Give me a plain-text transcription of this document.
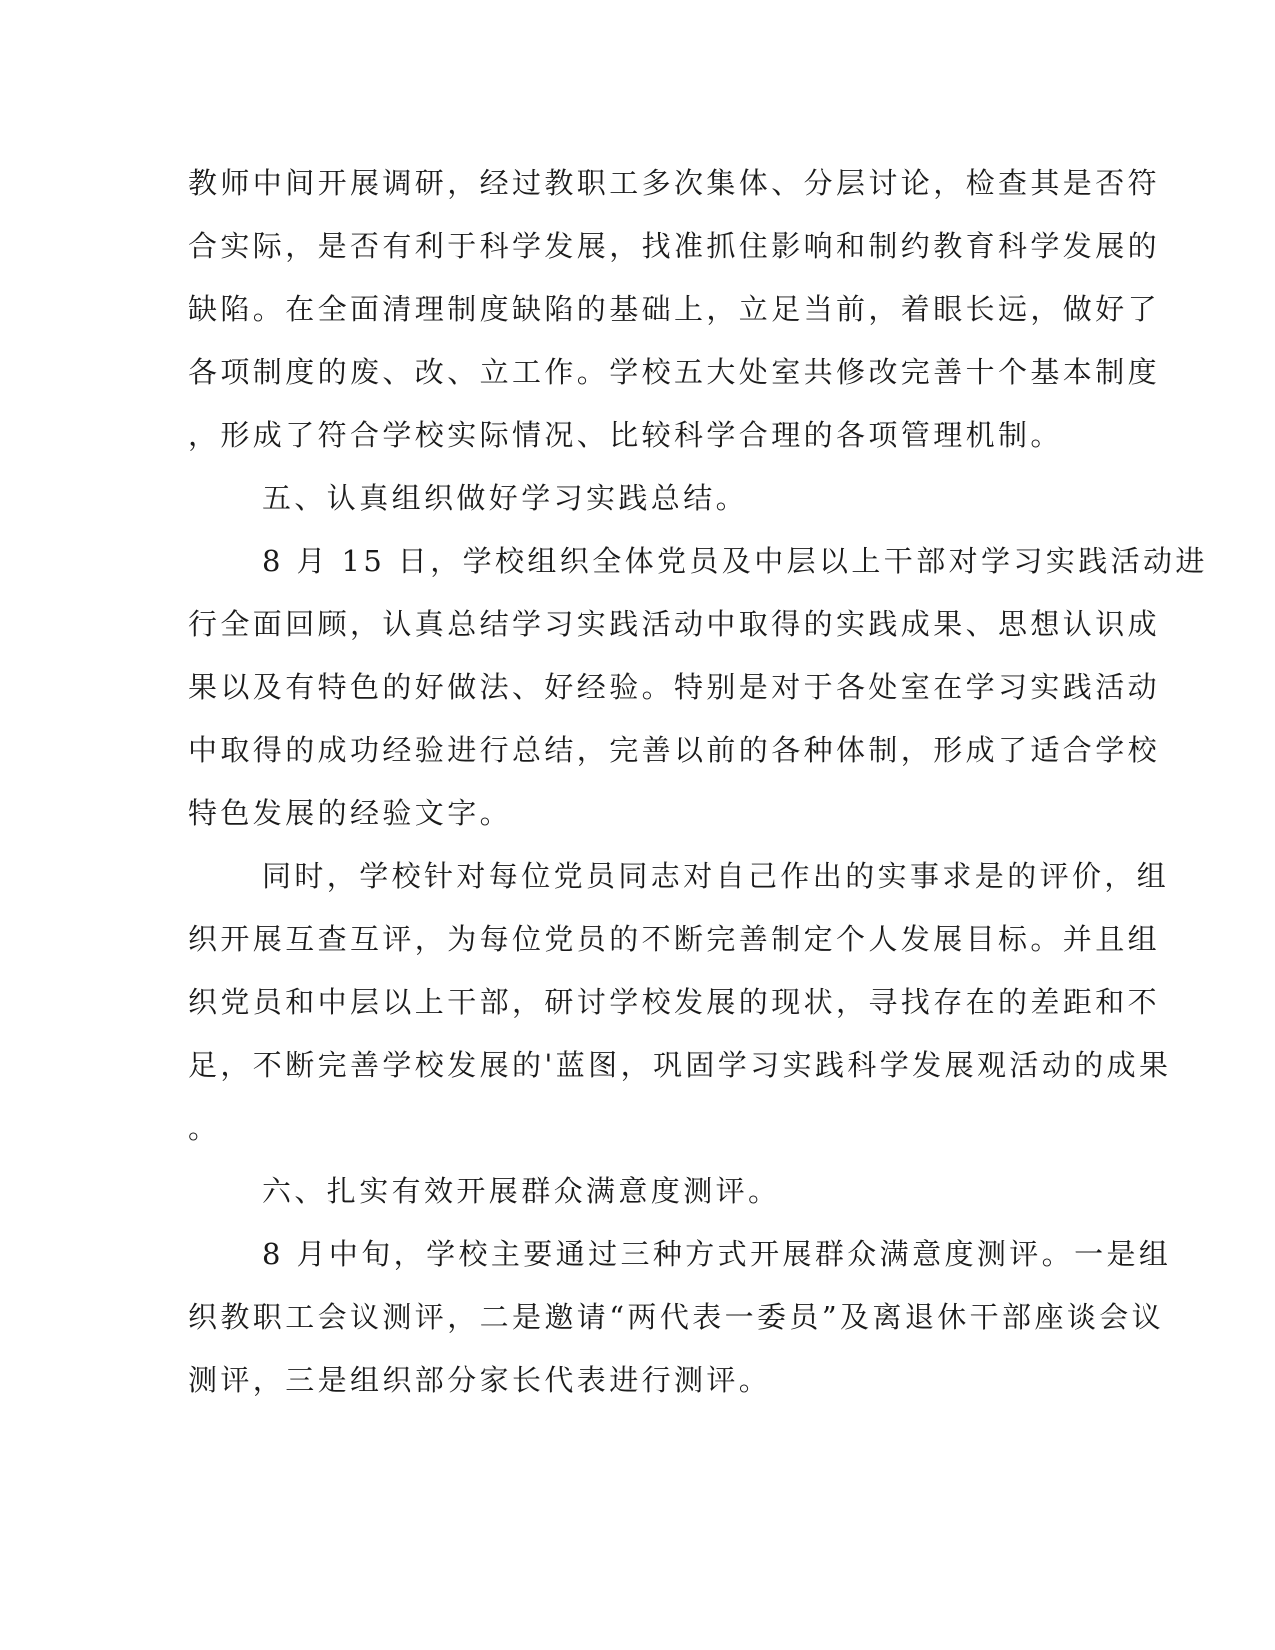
教师中间开展调研，经过教职工多次集体、分层讨论，检查其是否符
合实际，是否有利于科学发展，找准抓住影响和制约教育科学发展的
缺陷。在全面清理制度缺陷的基础上，立足当前，着眼长远，做好了
各项制度的废、改、立工作。学校五大处室共修改完善十个基本制度
，形成了符合学校实际情况、比较科学合理的各项管理机制。
五、认真组织做好学习实践总结。
8 月 15 日，学校组织全体党员及中层以上干部对学习实践活动进
行全面回顾，认真总结学习实践活动中取得的实践成果、思想认识成
果以及有特色的好做法、好经验。特别是对于各处室在学习实践活动
中取得的成功经验进行总结，完善以前的各种体制，形成了适合学校
特色发展的经验文字。
同时，学校针对每位党员同志对自己作出的实事求是的评价，组
织开展互查互评，为每位党员的不断完善制定个人发展目标。并且组
织党员和中层以上干部，研讨学校发展的现状，寻找存在的差距和不
足，不断完善学校发展的'蓝图，巩固学习实践科学发展观活动的成果
。
六、扎实有效开展群众满意度测评。
8 月中旬，学校主要通过三种方式开展群众满意度测评。一是组
织教职工会议测评，二是邀请“两代表一委员”及离退休干部座谈会议
测评，三是组织部分家长代表进行测评。
